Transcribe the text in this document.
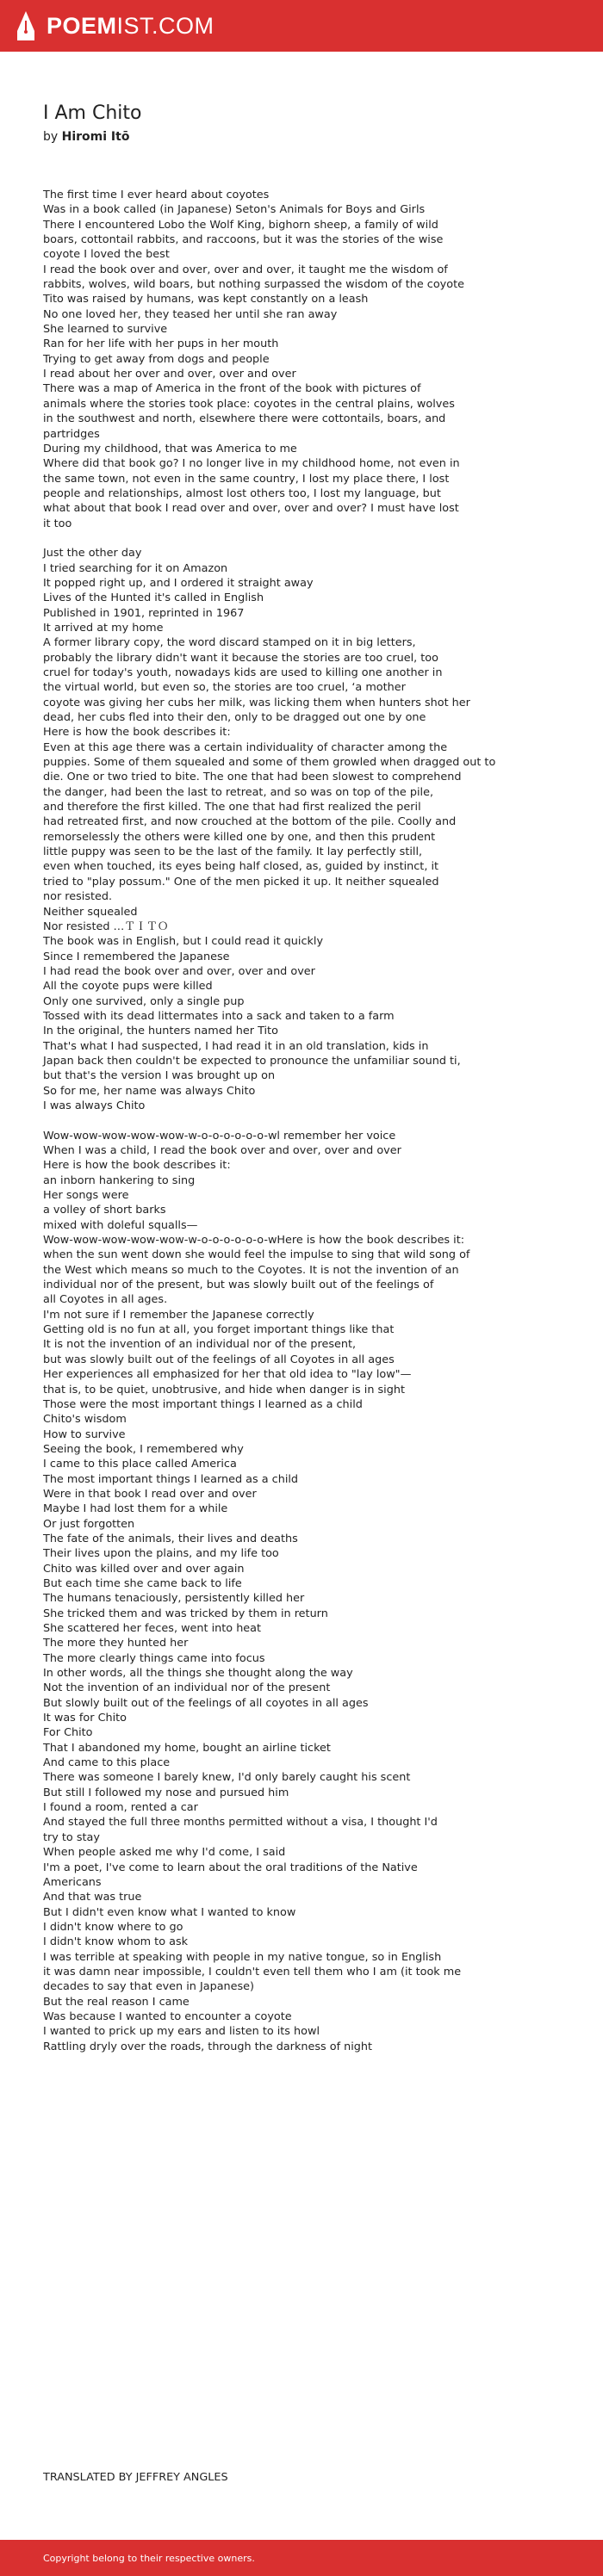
POEMIST.COM
I Am Chito
by Hiromi Itō
The first time I ever heard about coyotes
Was in a book called (in Japanese) Seton's Animals for Boys and Girls
There I encountered Lobo the Wolf King, bighorn sheep, a family of wild
boars, cottontail rabbits, and raccoons, but it was the stories of the wise
coyote I loved the best
I read the book over and over, over and over, it taught me the wisdom of
rabbits, wolves, wild boars, but nothing surpassed the wisdom of the coyote
Tito was raised by humans, was kept constantly on a leash
No one loved her, they teased her until she ran away
She learned to survive
Ran for her life with her pups in her mouth
Trying to get away from dogs and people
I read about her over and over, over and over
There was a map of America in the front of the book with pictures of
animals where the stories took place: coyotes in the central plains, wolves
in the southwest and north, elsewhere there were cottontails, boars, and
partridges
During my childhood, that was America to me
Where did that book go? I no longer live in my childhood home, not even in
the same town, not even in the same country, I lost my place there, I lost
people and relationships, almost lost others too, I lost my language, but
what about that book I read over and over, over and over? I must have lost
it too
Just the other day
I tried searching for it on Amazon
It popped right up, and I ordered it straight away
Lives of the Hunted it's called in English
Published in 1901, reprinted in 1967
It arrived at my home
A former library copy, the word discard stamped on it in big letters,
probably the library didn't want it because the stories are too cruel, too
cruel for today's youth, nowadays kids are used to killing one another in
the virtual world, but even so, the stories are too cruel, ‘a mother
coyote was giving her cubs her milk, was licking them when hunters shot her
dead, her cubs fled into their den, only to be dragged out one by one
Here is how the book describes it:
Even at this age there was a certain individuality of character among the
puppies. Some of them squealed and some of them growled when dragged out to
die. One or two tried to bite. The one that had been slowest to comprehend
the danger, had been the last to retreat, and so was on top of the pile,
and therefore the first killed. The one that had first realized the peril
had retreated first, and now crouched at the bottom of the pile. Coolly and
remorselessly the others were killed one by one, and then this prudent
little puppy was seen to be the last of the family. It lay perfectly still,
even when touched, its eyes being half closed, as, guided by instinct, it
tried to "play possum." One of the men picked it up. It neither squealed
nor resisted.
Neither squealed
Nor resisted …ＴＩＴＯ
The book was in English, but I could read it quickly
Since I remembered the Japanese
I had read the book over and over, over and over
All the coyote pups were killed
Only one survived, only a single pup
Tossed with its dead littermates into a sack and taken to a farm
In the original, the hunters named her Tito
That's what I had suspected, I had read it in an old translation, kids in
Japan back then couldn't be expected to pronounce the unfamiliar sound ti,
but that's the version I was brought up on
So for me, her name was always Chito
I was always Chito
Wow-wow-wow-wow-wow-w-o-o-o-o-o-o-wl remember her voice
When I was a child, I read the book over and over, over and over
Here is how the book describes it:
an inborn hankering to sing
Her songs were
a volley of short barks
mixed with doleful squalls—
Wow-wow-wow-wow-wow-w-o-o-o-o-o-o-wHere is how the book describes it:
when the sun went down she would feel the impulse to sing that wild song of
the West which means so much to the Coyotes. It is not the invention of an
individual nor of the present, but was slowly built out of the feelings of
all Coyotes in all ages.
I'm not sure if I remember the Japanese correctly
Getting old is no fun at all, you forget important things like that
It is not the invention of an individual nor of the present,
but was slowly built out of the feelings of all Coyotes in all ages
Her experiences all emphasized for her that old idea to "lay low"—
that is, to be quiet, unobtrusive, and hide when danger is in sight
Those were the most important things I learned as a child
Chito's wisdom
How to survive
Seeing the book, I remembered why
I came to this place called America
The most important things I learned as a child
Were in that book I read over and over
Maybe I had lost them for a while
Or just forgotten
The fate of the animals, their lives and deaths
Their lives upon the plains, and my life too
Chito was killed over and over again
But each time she came back to life
The humans tenaciously, persistently killed her
She tricked them and was tricked by them in return
She scattered her feces, went into heat
The more they hunted her
The more clearly things came into focus
In other words, all the things she thought along the way
Not the invention of an individual nor of the present
But slowly built out of the feelings of all coyotes in all ages
It was for Chito
For Chito
That I abandoned my home, bought an airline ticket
And came to this place
There was someone I barely knew, I'd only barely caught his scent
But still I followed my nose and pursued him
I found a room, rented a car
And stayed the full three months permitted without a visa, I thought I'd
try to stay
When people asked me why I'd come, I said
I'm a poet, I've come to learn about the oral traditions of the Native
Americans
And that was true
But I didn't even know what I wanted to know
I didn't know where to go
I didn't know whom to ask
I was terrible at speaking with people in my native tongue, so in English
it was damn near impossible, I couldn't even tell them who I am (it took me
decades to say that even in Japanese)
But the real reason I came
Was because I wanted to encounter a coyote
I wanted to prick up my ears and listen to its howl
Rattling dryly over the roads, through the darkness of night
TRANSLATED BY JEFFREY ANGLES
Copyright belong to their respective owners.
